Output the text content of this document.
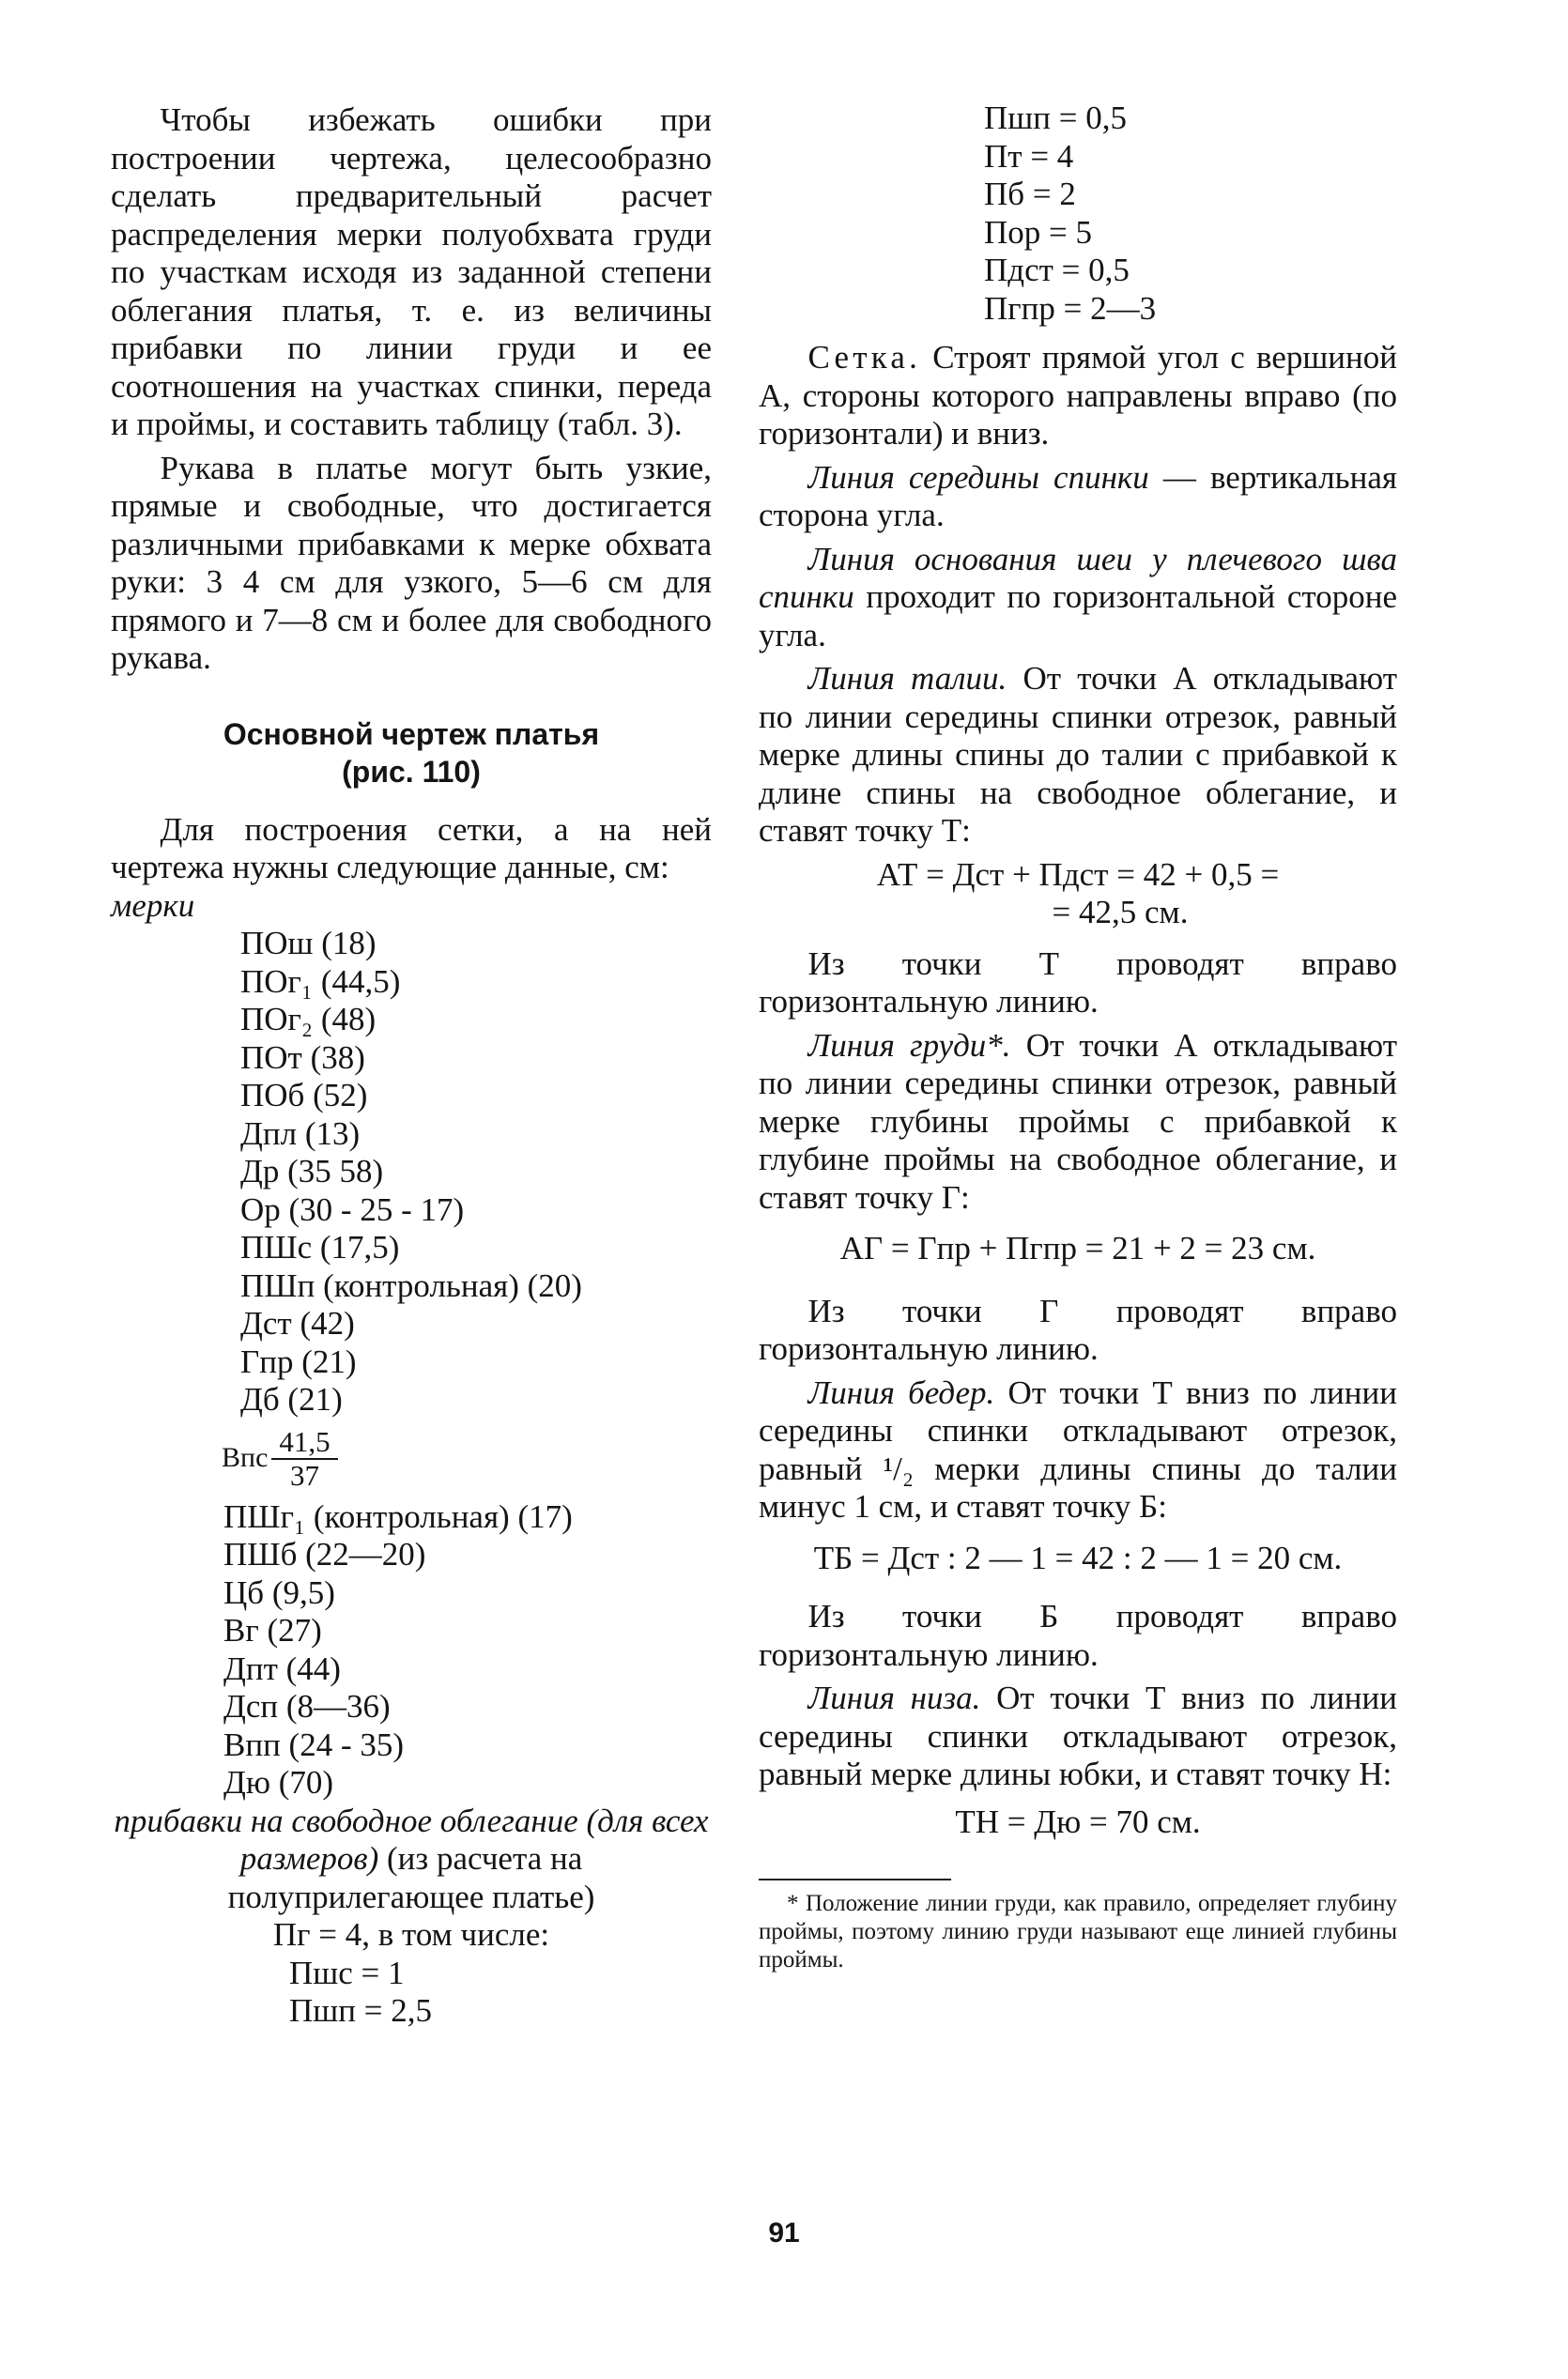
Чтобы избежать ошибки при построении чертежа, целесообразно сделать предварительный расчет распределения мерки полуобхвата груди по участкам исходя из заданной степени облегания платья, т. е. из величины прибавки по линии груди и ее соотношения на участках спинки, переда и проймы, и составить таблицу (табл. 3).

Рукава в платье могут быть узкие, прямые и свободные, что достигается различными прибавками к мерке обхвата руки: 3 4 см для узкого, 5—6 см для прямого и 7—8 см и более для свободного рукава.

Основной чертеж платья
(рис. 110)

Для построения сетки, а на ней чертежа нужны следующие данные, см:

мерки
ПОш (18)
ПОг₁ (44,5)
ПОг₂ (48)
ПОт (38)
ПОб (52)
Дпл (13)
Др (35 58)
Ор (30 - 25 - 17)
ПШс (17,5)
ПШп (контрольная) (20)
Дст (42)
Гпр (21)
Дб (21)
Впс $\frac{41,5}{37}$
ПШг₁ (контрольная) (17)
ПШб (22—20)
Цб (9,5)
Вг (27)
Дпт (44)
Дсп (8—36)
Впп (24 - 35)
Дю (70)

прибавки на свободное облегание (для всех размеров) (из расчета на полуприлегающее платье)

Пг = 4, в том числе:
Пшс = 1
Пшп = 2,5
Пшп = 0,5
Пт = 4
Пб = 2
Пор = 5
Пдст = 0,5
Пгпр = 2—3

Сетка. Строят прямой угол с вершиной А, стороны которого направлены вправо (по горизонтали) и вниз.

Линия середины спинки — вертикальная сторона угла.

Линия основания шеи у плечевого шва спинки проходит по горизонтальной стороне угла.

Линия талии. От точки А откладывают по линии середины спинки отрезок, равный мерке длины спины до талии с прибавкой к длине спины на свободное облегание, и ставят точку Т:

АТ = Дст + Пдст = 42 + 0,5 =
= 42,5 см.

Из точки Т проводят вправо горизонтальную линию.

Линия груди*. От точки А откладывают по линии середины спинки отрезок, равный мерке глубины проймы с прибавкой к глубине проймы на свободное облегание, и ставят точку Г:

АГ = Гпр + Пгпр = 21 + 2 = 23 см.

Из точки Г проводят вправо горизонтальную линию.

Линия бедер. От точки Т вниз по линии середины спинки откладывают отрезок, равный ¹/₂ мерки длины спины до талии минус 1 см, и ставят точку Б:

ТБ = Дст : 2 — 1 = 42 : 2 — 1 = 20 см.

Из точки Б проводят вправо горизонтальную линию.

Линия низа. От точки Т вниз по линии середины спинки откладывают отрезок, равный мерке длины юбки, и ставят точку Н:

ТН = Дю = 70 см.
* Положение линии груди, как правило, определяет глубину проймы, поэтому линию груди называют еще линией глубины проймы.
91
